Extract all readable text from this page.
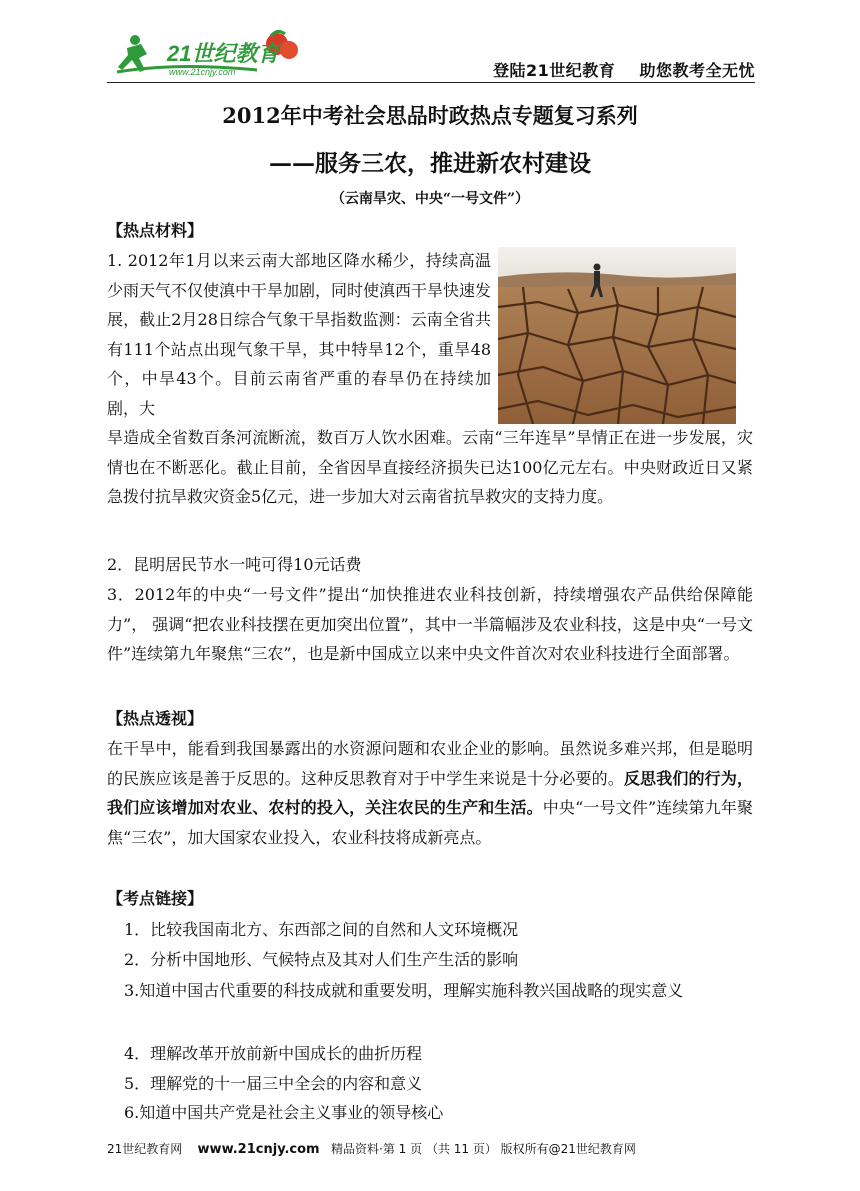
21世纪教育
www.21cnjy.com	登陆21世纪教育    助您教考全无忧
2012年中考社会思品时政热点专题复习系列
——服务三农，推进新农村建设
（云南旱灾、中央“一号文件”）
【热点材料】
1. 2012年1月以来云南大部地区降水稀少，持续高温少雨天气不仅使滇中干旱加剧，同时使滇西干旱快速发展，截止2月28日综合气象干旱指数监测：云南全省共有111个站点出现气象干旱，其中特旱12个，重旱48个，中旱43个。目前云南省严重的春旱仍在持续加剧，大
旱造成全省数百条河流断流，数百万人饮水困难。云南“三年连旱”旱情正在进一步发展，灾情也在不断恶化。截止目前，全省因旱直接经济损失已达100亿元左右。中央财政近日又紧急拨付抗旱救灾资金5亿元，进一步加大对云南省抗旱救灾的支持力度。
2．昆明居民节水一吨可得10元话费
3．2012年的中央“一号文件”提出“加快推进农业科技创新，持续增强农产品供给保障能力”， 强调“把农业科技摆在更加突出位置”，其中一半篇幅涉及农业科技，这是中央“一号文件”连续第九年聚焦“三农”，也是新中国成立以来中央文件首次对农业科技进行全面部署。
【热点透视】
在干旱中，能看到我国暴露出的水资源问题和农业企业的影响。虽然说多难兴邦，但是聪明的民族应该是善于反思的。这种反思教育对于中学生来说是十分必要的。反思我们的行为，我们应该增加对农业、农村的投入，关注农民的生产和生活。中央“一号文件”连续第九年聚焦“三农”，加大国家农业投入，农业科技将成新亮点。
【考点链接】
1．比较我国南北方、东西部之间的自然和人文环境概况
2．分析中国地形、气候特点及其对人们生产生活的影响
3.知道中国古代重要的科技成就和重要发明，理解实施科教兴国战略的现实意义
4．理解改革开放前新中国成长的曲折历程
5．理解党的十一届三中全会的内容和意义
6.知道中国共产党是社会主义事业的领导核心
21世纪教育网 www.21cnjy.com 精品资料·第 1 页 （共 11 页） 版权所有@21世纪教育网
